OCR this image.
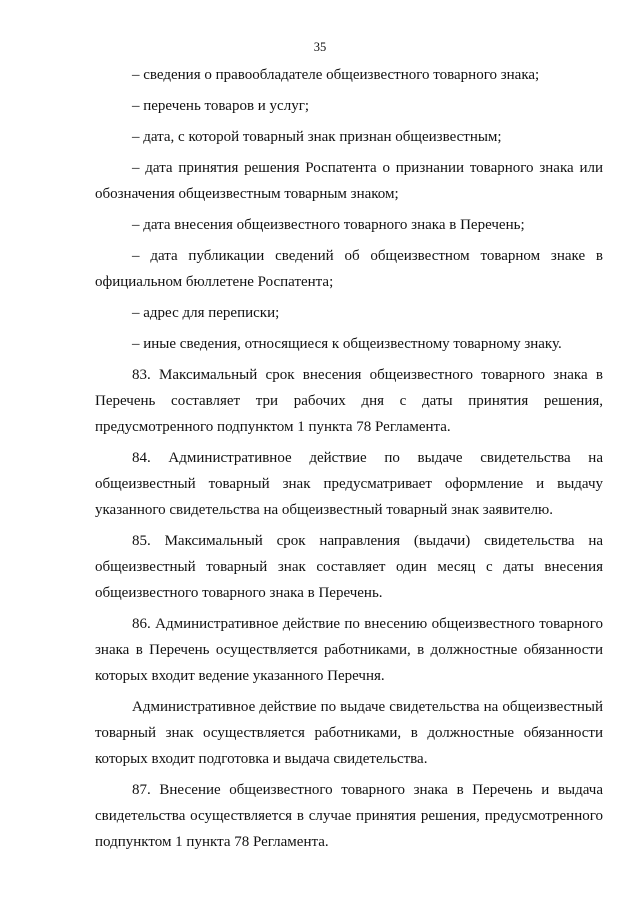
35

– сведения о правообладателе общеизвестного товарного знака;

– перечень товаров и услуг;

– дата, с которой товарный знак признан общеизвестным;

– дата принятия решения Роспатента о признании товарного знака или обозначения общеизвестным товарным знаком;

– дата внесения общеизвестного товарного знака в Перечень;

– дата публикации сведений об общеизвестном товарном знаке в официальном бюллетене Роспатента;

– адрес для переписки;

– иные сведения, относящиеся к общеизвестному товарному знаку.

83. Максимальный срок внесения общеизвестного товарного знака в Перечень составляет три рабочих дня с даты принятия решения, предусмотренного подпунктом 1 пункта 78 Регламента.

84. Административное действие по выдаче свидетельства на общеизвестный товарный знак предусматривает оформление и выдачу указанного свидетельства на общеизвестный товарный знак заявителю.

85. Максимальный срок направления (выдачи) свидетельства на общеизвестный товарный знак составляет один месяц с даты внесения общеизвестного товарного знака в Перечень.

86. Административное действие по внесению общеизвестного товарного знака в Перечень осуществляется работниками, в должностные обязанности которых входит ведение указанного Перечня.

Административное действие по выдаче свидетельства на общеизвестный товарный знак осуществляется работниками, в должностные обязанности которых входит подготовка и выдача свидетельства.

87. Внесение общеизвестного товарного знака в Перечень и выдача свидетельства осуществляется в случае принятия решения, предусмотренного подпунктом 1 пункта 78 Регламента.
